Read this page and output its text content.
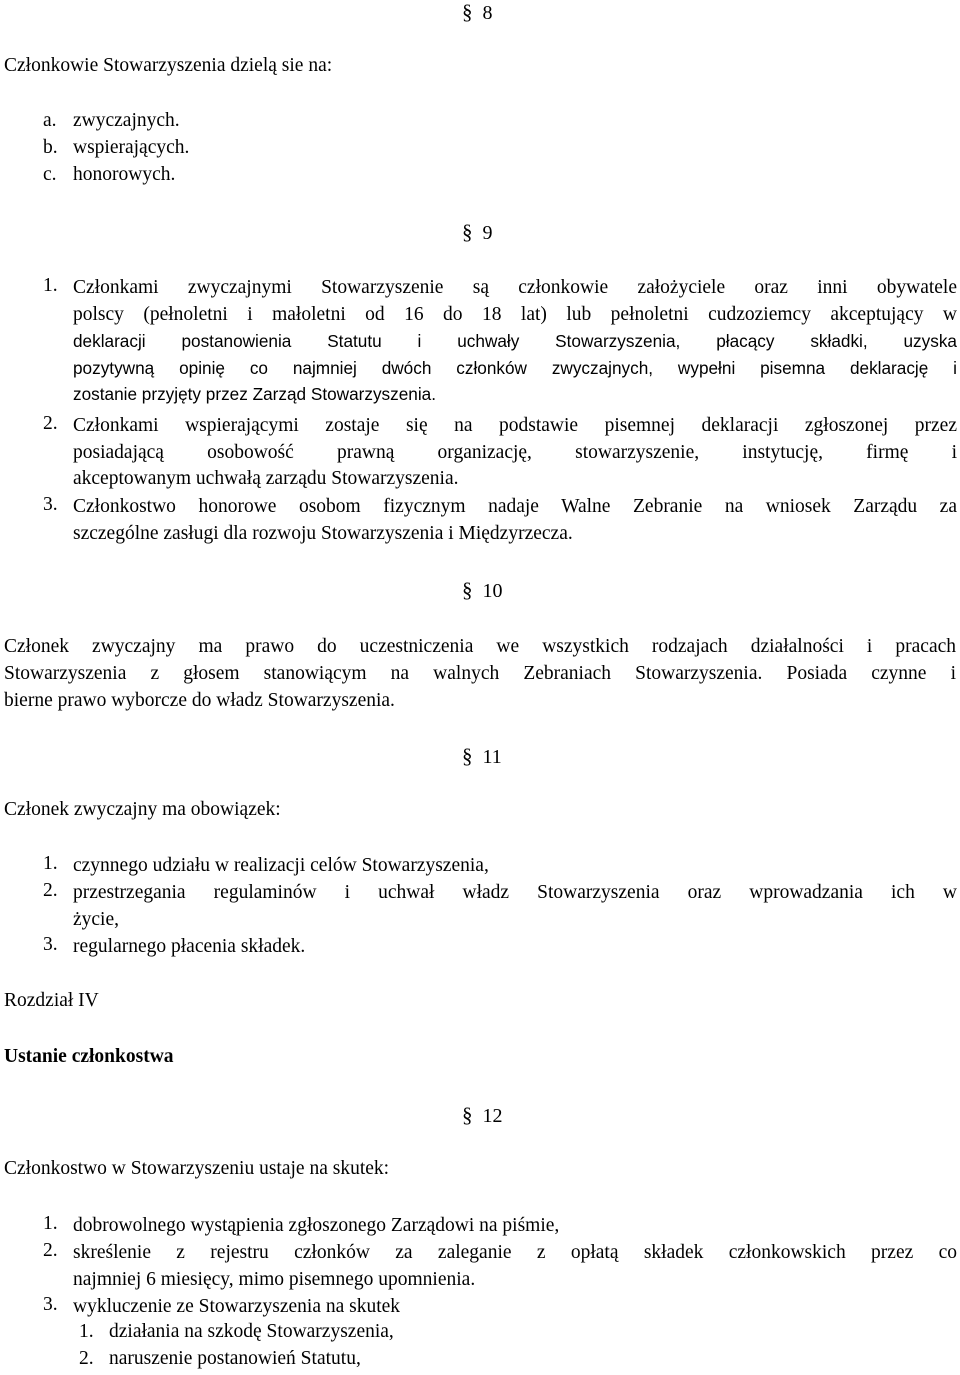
§ 8
Członkowie Stowarzyszenia dzielą sie na:
a. zwyczajnych.
b. wspierających.
c. honorowych.
§ 9
1. Członkami zwyczajnymi Stowarzyszenie są członkowie założyciele oraz inni obywatele
polscy (pełnoletni i małoletni od 16 do 18 lat) lub pełnoletni cudzoziemcy akceptujący w
deklaracji postanowienia Statutu i uchwały Stowarzyszenia, płacący składki, uzyska
pozytywną opinię co najmniej dwóch członków zwyczajnych, wypełni pisemna deklarację i
zostanie przyjęty przez Zarząd Stowarzyszenia.
2. Członkami wspierającymi zostaje się na podstawie pisemnej deklaracji zgłoszonej przez
posiadającą osobowość prawną organizację, stowarzyszenie, instytucję, firmę i
akceptowanym uchwałą zarządu Stowarzyszenia.
3. Członkostwo honorowe osobom fizycznym nadaje Walne Zebranie na wniosek Zarządu za
szczególne zasługi dla rozwoju Stowarzyszenia i Międzyrzecza.
§ 10
Członek zwyczajny ma prawo do uczestniczenia we wszystkich rodzajach działalności i pracach
Stowarzyszenia z głosem stanowiącym na walnych Zebraniach Stowarzyszenia. Posiada czynne i
bierne prawo wyborcze do władz Stowarzyszenia.
§ 11
Członek zwyczajny ma obowiązek:
1. czynnego udziału w realizacji celów Stowarzyszenia,
2. przestrzegania regulaminów i uchwał władz Stowarzyszenia oraz wprowadzania ich w
życie,
3. regularnego płacenia składek.
Rozdział IV
Ustanie członkostwa
§ 12
Członkostwo w Stowarzyszeniu ustaje na skutek:
1. dobrowolnego wystąpienia zgłoszonego Zarządowi na piśmie,
2. skreślenie z rejestru członków za zaleganie z opłatą składek członkowskich przez co
najmniej 6 miesięcy, mimo pisemnego upomnienia.
3. wykluczenie ze Stowarzyszenia na skutek
1. działania na szkodę Stowarzyszenia,
2. naruszenie postanowień Statutu,
